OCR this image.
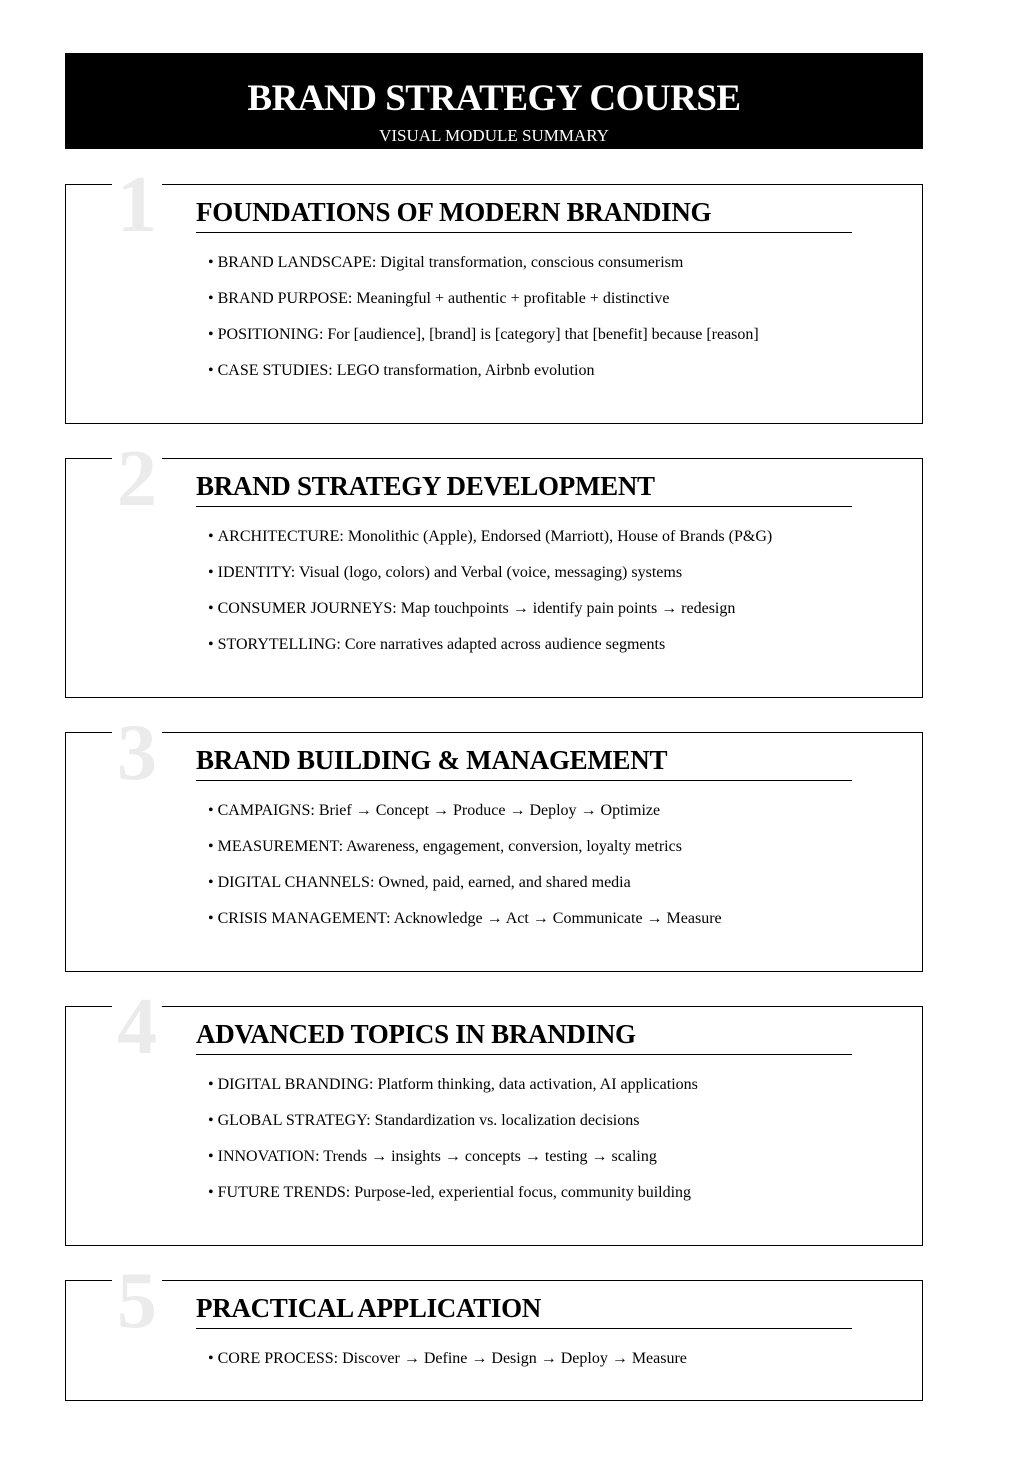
BRAND STRATEGY COURSE
VISUAL MODULE SUMMARY
1 FOUNDATIONS OF MODERN BRANDING
• BRAND LANDSCAPE: Digital transformation, conscious consumerism
• BRAND PURPOSE: Meaningful + authentic + profitable + distinctive
• POSITIONING: For [audience], [brand] is [category] that [benefit] because [reason]
• CASE STUDIES: LEGO transformation, Airbnb evolution
2 BRAND STRATEGY DEVELOPMENT
• ARCHITECTURE: Monolithic (Apple), Endorsed (Marriott), House of Brands (P&G)
• IDENTITY: Visual (logo, colors) and Verbal (voice, messaging) systems
• CONSUMER JOURNEYS: Map touchpoints → identify pain points → redesign
• STORYTELLING: Core narratives adapted across audience segments
3 BRAND BUILDING & MANAGEMENT
• CAMPAIGNS: Brief → Concept → Produce → Deploy → Optimize
• MEASUREMENT: Awareness, engagement, conversion, loyalty metrics
• DIGITAL CHANNELS: Owned, paid, earned, and shared media
• CRISIS MANAGEMENT: Acknowledge → Act → Communicate → Measure
4 ADVANCED TOPICS IN BRANDING
• DIGITAL BRANDING: Platform thinking, data activation, AI applications
• GLOBAL STRATEGY: Standardization vs. localization decisions
• INNOVATION: Trends → insights → concepts → testing → scaling
• FUTURE TRENDS: Purpose-led, experiential focus, community building
5 PRACTICAL APPLICATION
• CORE PROCESS: Discover → Define → Design → Deploy → Measure
